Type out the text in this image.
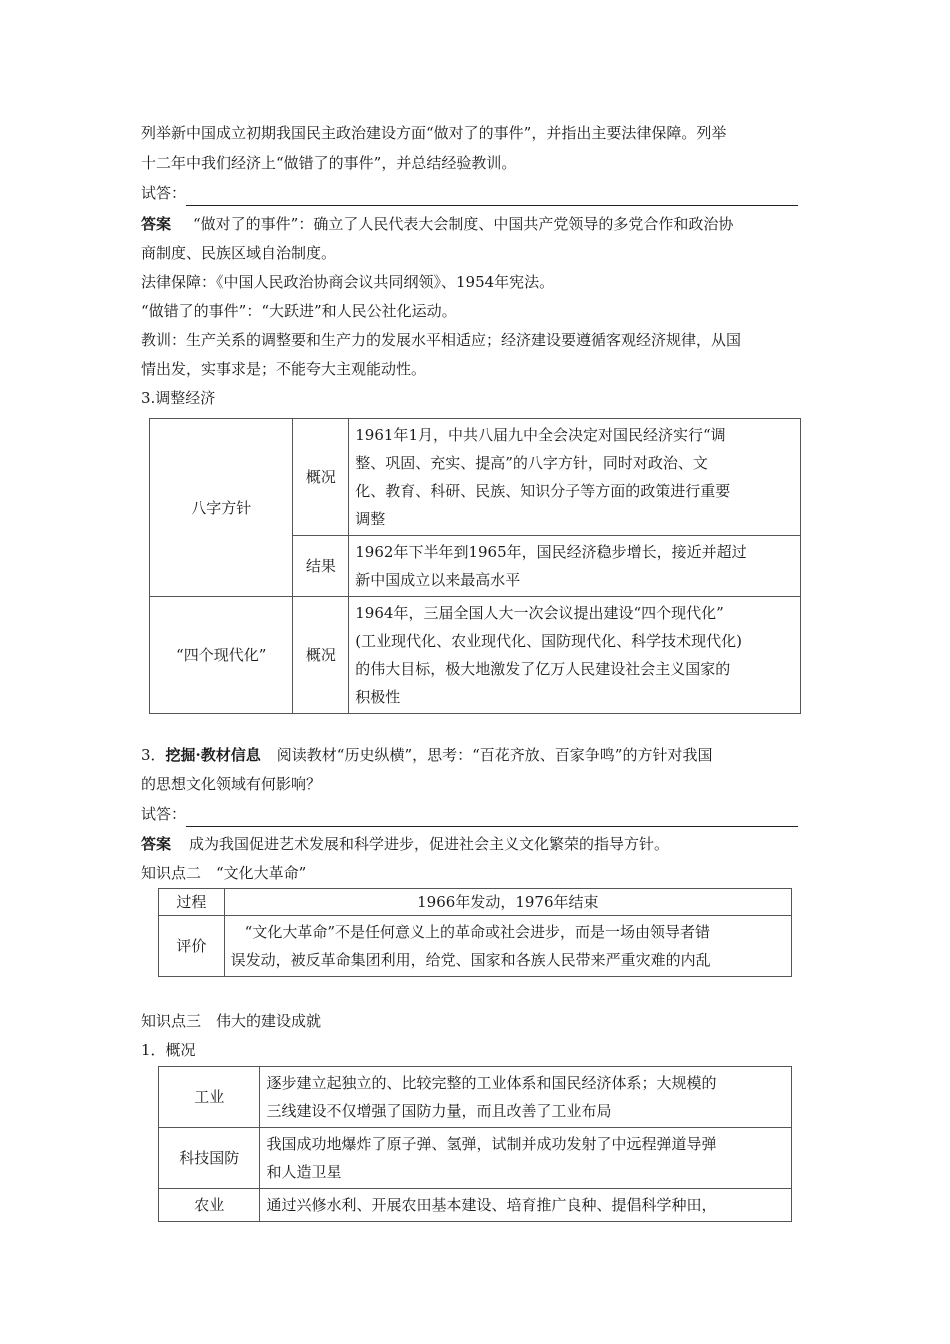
列举新中国成立初期我国民主政治建设方面“做对了的事件”，并指出主要法律保障。列举
十二年中我们经济上“做错了的事件”，并总结经验教训。
试答：
答案 “做对了的事件”：确立了人民代表大会制度、中国共产党领导的多党合作和政治协
商制度、民族区域自治制度。
法律保障：《中国人民政治协商会议共同纲领》、1954年宪法。
“做错了的事件”：“大跃进”和人民公社化运动。
教训：生产关系的调整要和生产力的发展水平相适应；经济建设要遵循客观经济规律，从国
情出发，实事求是；不能夸大主观能动性。
3.调整经济
八字方针	概况	1961年1月，中共八届九中全会决定对国民经济实行“调
整、巩固、充实、提高”的八字方针，同时对政治、文
化、教育、科研、民族、知识分子等方面的政策进行重要
调整

	结果	1962年下半年到1965年，国民经济稳步增长，接近并超过
新中国成立以来最高水平

“四个现代化”	概况	1964年，三届全国人大一次会议提出建设“四个现代化”
(工业现代化、农业现代化、国防现代化、科学技术现代化)
的伟大目标，极大地激发了亿万人民建设社会主义国家的
积极性
3．挖掘·教材信息 阅读教材“历史纵横”，思考：“百花齐放、百家争鸣”的方针对我国
的思想文化领域有何影响？
试答：
答案 成为我国促进艺术发展和科学进步，促进社会主义文化繁荣的指导方针。
知识点二　“文化大革命”
过程	1966年发动，1976年结束
评价	“文化大革命”不是任何意义上的革命或社会进步，而是一场由领导者错
误发动，被反革命集团利用，给党、国家和各族人民带来严重灾难的内乱
知识点三　伟大的建设成就
1．概况
工业	逐步建立起独立的、比较完整的工业体系和国民经济体系；大规模的
三线建设不仅增强了国防力量，而且改善了工业布局

科技国防	我国成功地爆炸了原子弹、氢弹，试制并成功发射了中远程弹道导弹
和人造卫星

农业	通过兴修水利、开展农田基本建设、培育推广良种、提倡科学种田，
